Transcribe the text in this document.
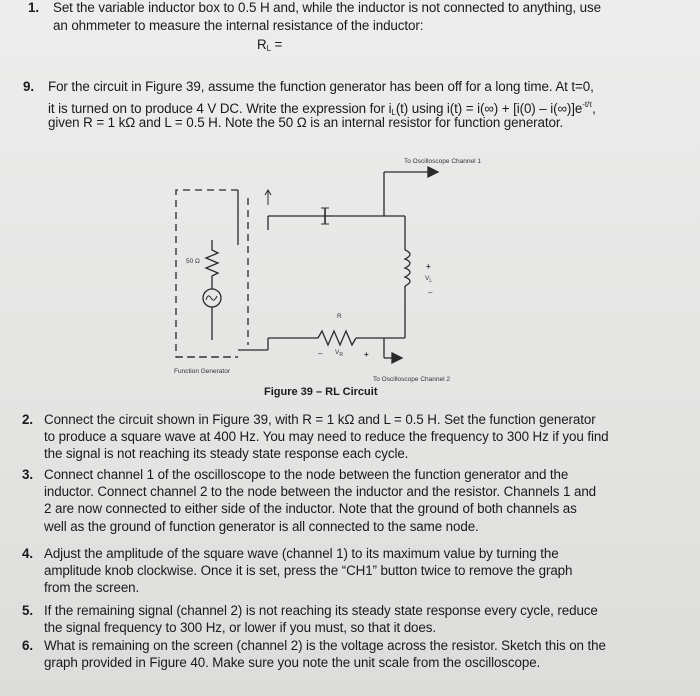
1. Set the variable inductor box to 0.5 H and, while the inductor is not connected to anything, use
an ohmmeter to measure the internal resistance of the inductor:
$R_L$ =
9. For the circuit in Figure 39, assume the function generator has been off for a long time. At t=0,
it is turned on to produce 4 V DC. Write the expression for $i_L(t)$ using $i(t) = i(\infty) + [i(0) - i(\infty)]e^{-t/\tau}$,
given R = 1 kΩ and L = 0.5 H. Note the 50 Ω is an internal resistor for function generator.
To Oscilloscope Channel 1
50 Ω
R
+
– $V_R$
+
$V_L$
–
Function Generator
To Oscilloscope Channel 2
Figure 39 – RL Circuit
2. Connect the circuit shown in Figure 39, with R = 1 kΩ and L = 0.5 H. Set the function generator
to produce a square wave at 400 Hz. You may need to reduce the frequency to 300 Hz if you find
the signal is not reaching its steady state response each cycle.
3. Connect channel 1 of the oscilloscope to the node between the function generator and the
inductor. Connect channel 2 to the node between the inductor and the resistor. Channels 1 and
2 are now connected to either side of the inductor. Note that the ground of both channels as
well as the ground of function generator is all connected to the same node.
4. Adjust the amplitude of the square wave (channel 1) to its maximum value by turning the
amplitude knob clockwise. Once it is set, press the “CH1” button twice to remove the graph
from the screen.
5. If the remaining signal (channel 2) is not reaching its steady state response every cycle, reduce
the signal frequency to 300 Hz, or lower if you must, so that it does.
6. What is remaining on the screen (channel 2) is the voltage across the resistor. Sketch this on the
graph provided in Figure 40. Make sure you note the unit scale from the oscilloscope.
